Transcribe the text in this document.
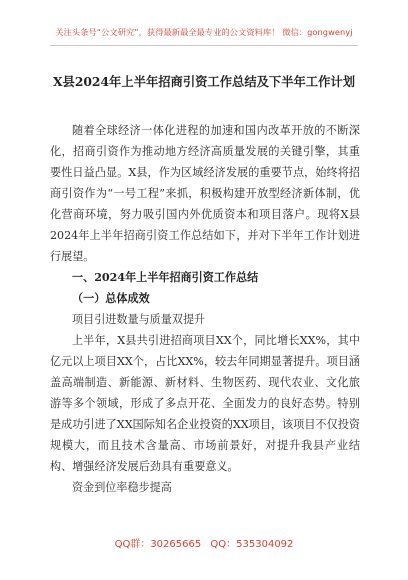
关注头条号“公文研究”，获得最新最全最专业的公文资料库！ 微信：gongwenyj
X县2024年上半年招商引资工作总结及下半年工作计划

随着全球经济一体化进程的加速和国内改革开放的不断深化，招商引资作为推动地方经济高质量发展的关键引擎，其重要性日益凸显。X县，作为区域经济发展的重要节点，始终将招商引资作为“一号工程”来抓，积极构建开放型经济新体制，优化营商环境，努力吸引国内外优质资本和项目落户。现将X县2024年上半年招商引资工作总结如下，并对下半年工作计划进行展望。

一、2024年上半年招商引资工作总结

（一）总体成效

项目引进数量与质量双提升

上半年，X县共引进招商项目XX个，同比增长XX%，其中亿元以上项目XX个，占比XX%，较去年同期显著提升。项目涵盖高端制造、新能源、新材料、生物医药、现代农业、文化旅游等多个领域，形成了多点开花、全面发力的良好态势。特别是成功引进了XX国际知名企业投资的XX项目，该项目不仅投资规模大，而且技术含量高、市场前景好，对提升我县产业结构、增强经济发展后劲具有重要意义。

资金到位率稳步提高

QQ群：30265665 QQ：535304092
